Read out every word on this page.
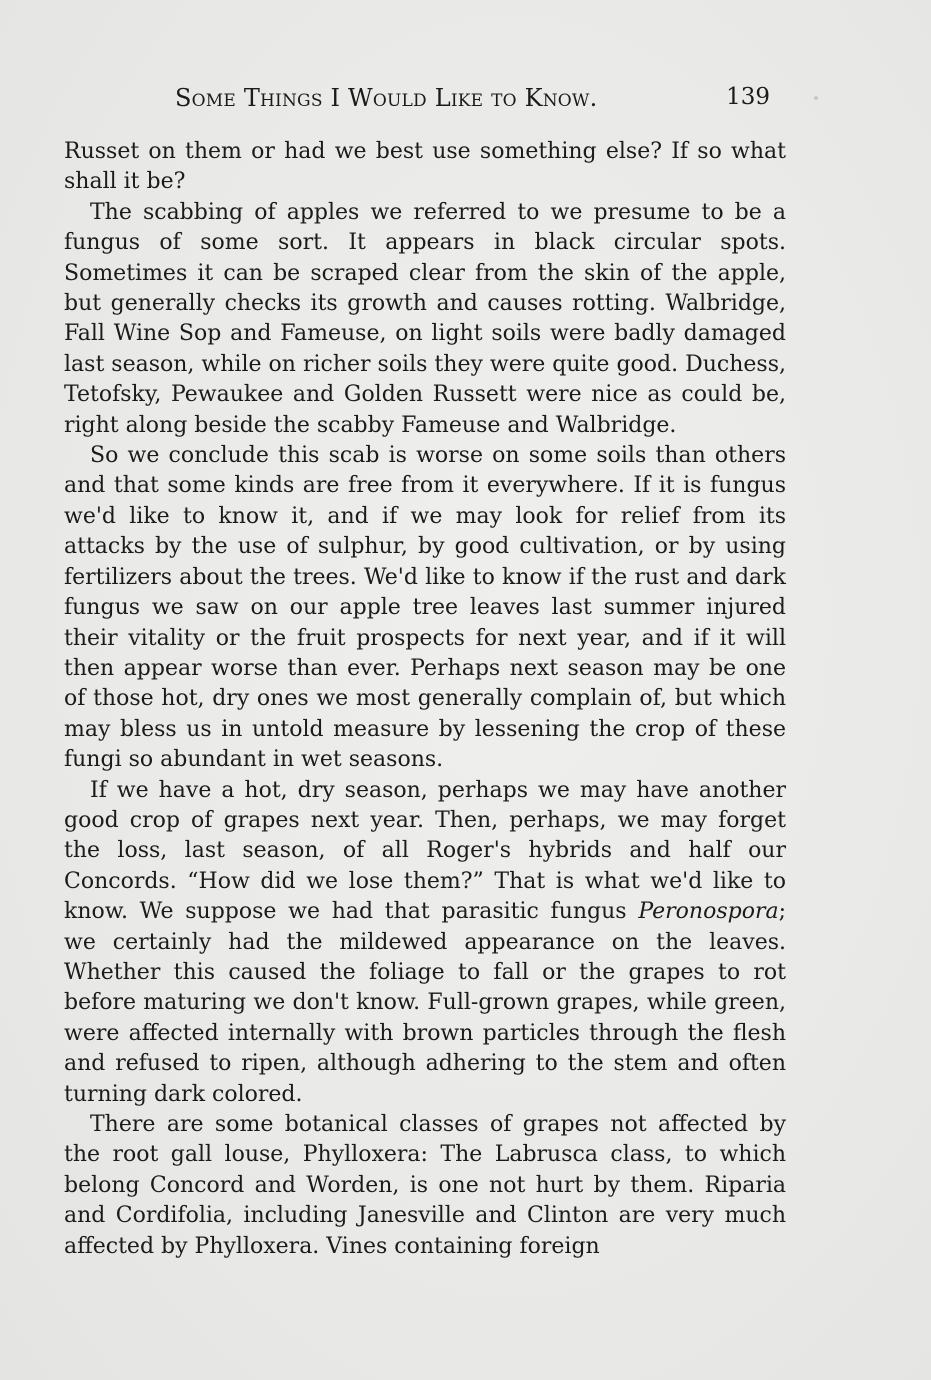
Some Things I Would Like to Know.	139

Russet on them or had we best use something else? If so what shall it be?

The scabbing of apples we referred to we presume to be a fungus of some sort. It appears in black circular spots. Sometimes it can be scraped clear from the skin of the apple, but generally checks its growth and causes rotting. Walbridge, Fall Wine Sop and Fameuse, on light soils were badly damaged last season, while on richer soils they were quite good. Duchess, Tetofsky, Pewaukee and Golden Russett were nice as could be, right along beside the scabby Fameuse and Walbridge.

So we conclude this scab is worse on some soils than others and that some kinds are free from it everywhere. If it is fungus we'd like to know it, and if we may look for relief from its attacks by the use of sulphur, by good cultivation, or by using fertilizers about the trees. We'd like to know if the rust and dark fungus we saw on our apple tree leaves last summer injured their vitality or the fruit prospects for next year, and if it will then appear worse than ever. Perhaps next season may be one of those hot, dry ones we most generally complain of, but which may bless us in untold measure by lessening the crop of these fungi so abundant in wet seasons.

If we have a hot, dry season, perhaps we may have another good crop of grapes next year. Then, perhaps, we may forget the loss, last season, of all Roger's hybrids and half our Concords. “How did we lose them?” That is what we'd like to know. We suppose we had that parasitic fungus Peronospora; we certainly had the mildewed appearance on the leaves. Whether this caused the foliage to fall or the grapes to rot before maturing we don't know. Full-grown grapes, while green, were affected internally with brown particles through the flesh and refused to ripen, although adhering to the stem and often turning dark colored.

There are some botanical classes of grapes not affected by the root gall louse, Phylloxera: The Labrusca class, to which belong Concord and Worden, is one not hurt by them. Riparia and Cordifolia, including Janesville and Clinton are very much affected by Phylloxera. Vines containing foreign
